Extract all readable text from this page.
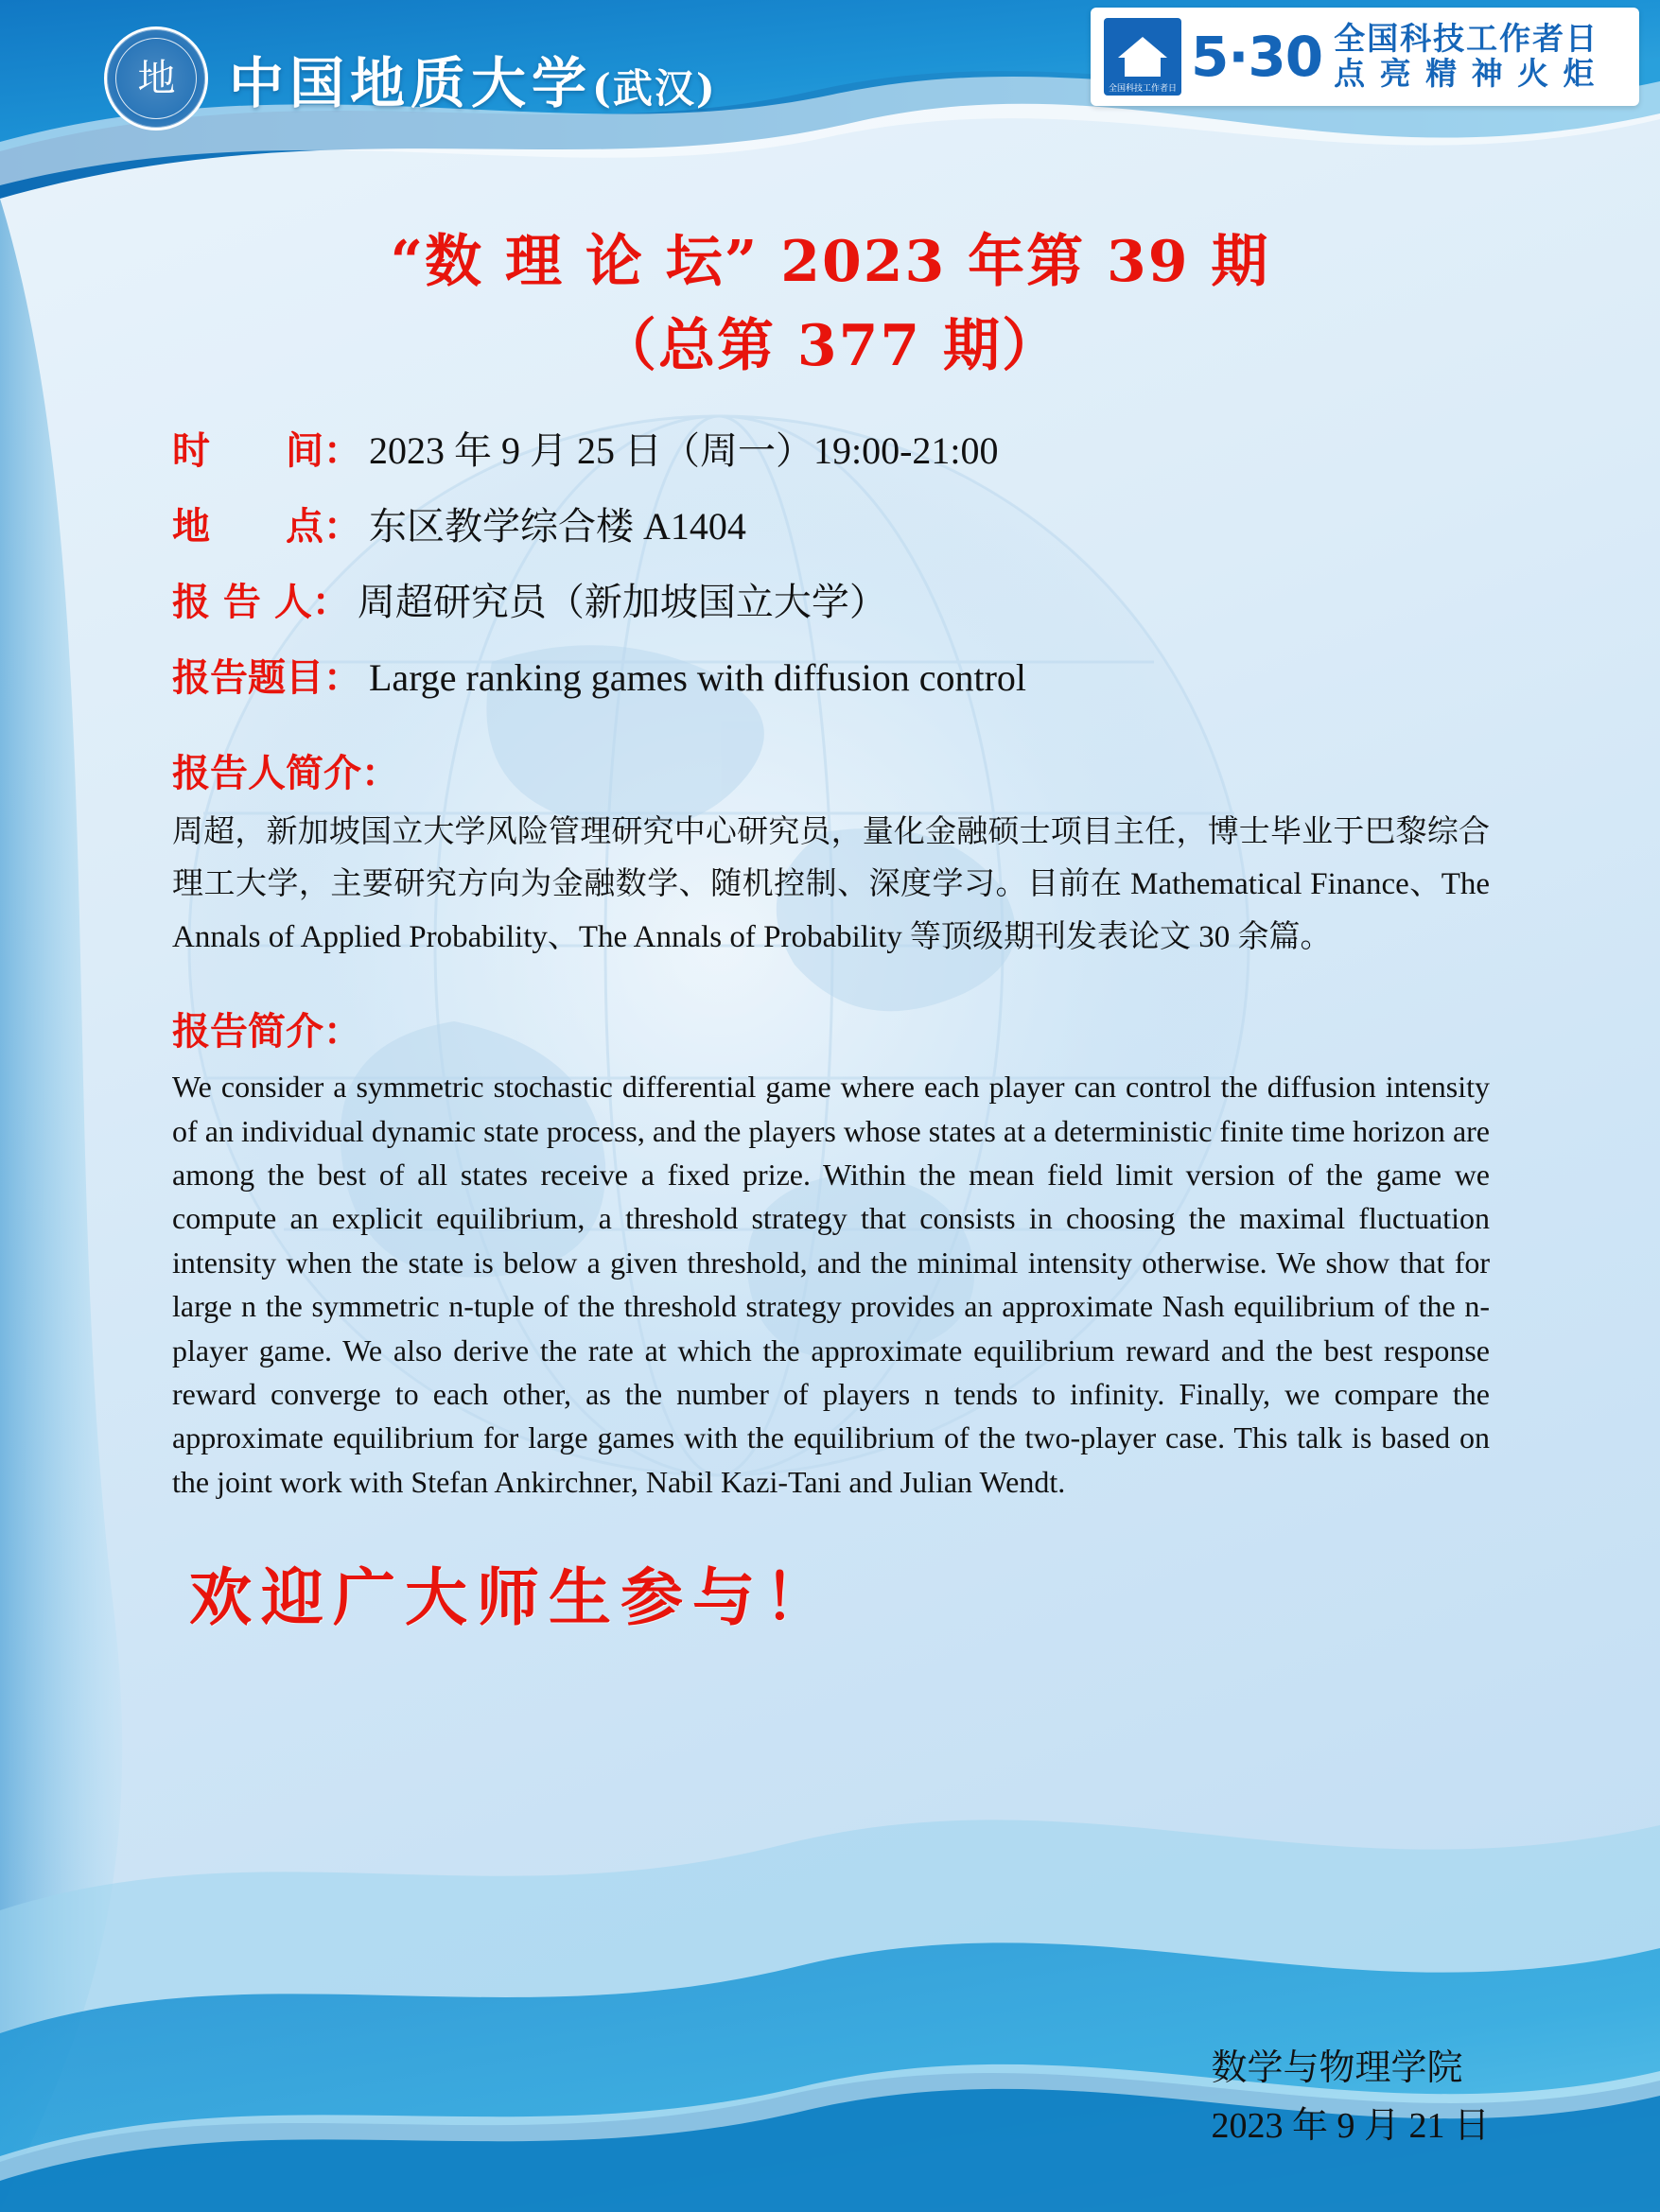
地 中国地质大学(武汉)	全国科技工作者日 5·30 全国科技工作者日
点 亮 精 神 火 炬
“数 理 论 坛” 2023 年第 39 期
（总第 377 期）
时　　间： 2023 年 9 月 25 日（周一）19:00-21:00
地　　点： 东区教学综合楼 A1404
报 告 人： 周超研究员（新加坡国立大学）
报告题目： Large ranking games with diffusion control
报告人简介：
周超，新加坡国立大学风险管理研究中心研究员，量化金融硕士项目主任，博士毕业于巴黎综合理工大学，主要研究方向为金融数学、随机控制、深度学习。目前在 Mathematical Finance、The Annals of Applied Probability、The Annals of Probability 等顶级期刊发表论文 30 余篇。
报告简介：
We consider a symmetric stochastic differential game where each player can control the diffusion intensity of an individual dynamic state process, and the players whose states at a deterministic finite time horizon are among the best of all states receive a fixed prize. Within the mean field limit version of the game we compute an explicit equilibrium, a threshold strategy that consists in choosing the maximal fluctuation intensity when the state is below a given threshold, and the minimal intensity otherwise. We show that for large n the symmetric n-tuple of the threshold strategy provides an approximate Nash equilibrium of the n-player game. We also derive the rate at which the approximate equilibrium reward and the best response reward converge to each other, as the number of players n tends to infinity. Finally, we compare the approximate equilibrium for large games with the equilibrium of the two-player case. This talk is based on the joint work with Stefan Ankirchner, Nabil Kazi-Tani and Julian Wendt.
欢迎广大师生参与！
数学与物理学院
2023 年 9 月 21 日
